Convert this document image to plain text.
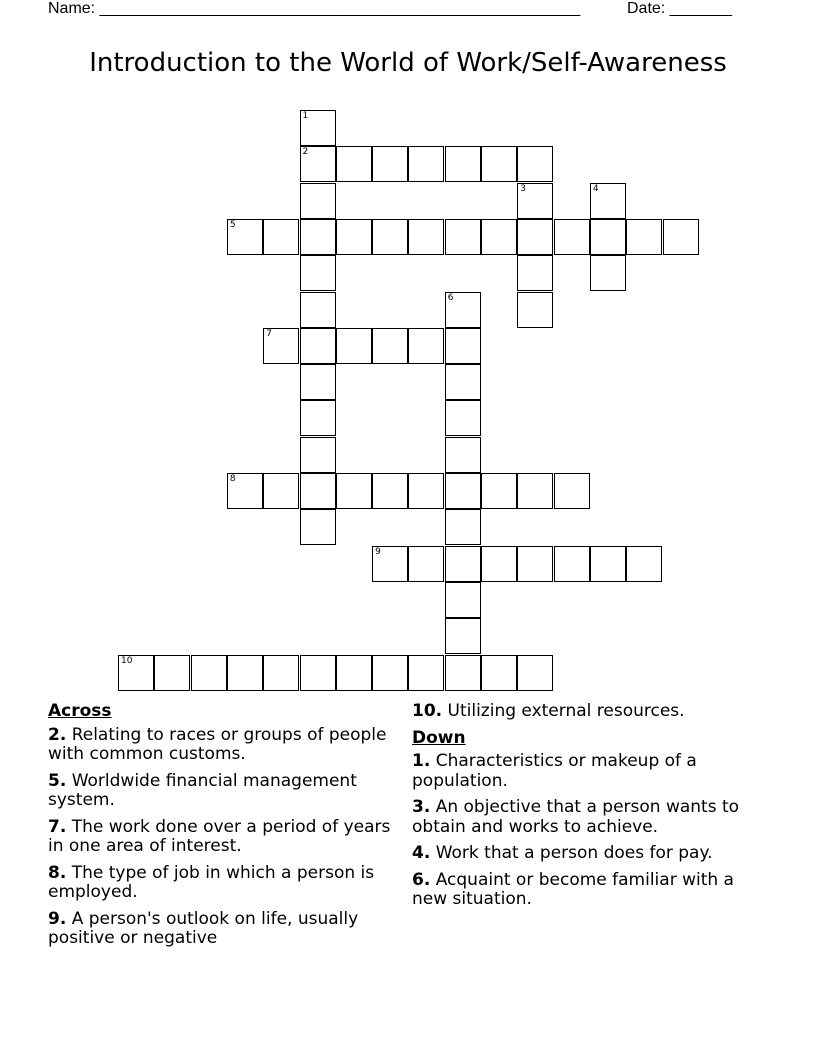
Name: ______________________________________________________	Date: _______
Introduction to the World of Work/Self-Awareness
1
2
3	4
5
6
7
8
9
10
Across
2. Relating to races or groups of people with common customs.
5. Worldwide financial management system.
7. The work done over a period of years in one area of interest.
8. The type of job in which a person is employed.
9. A person's outlook on life, usually positive or negative
10. Utilizing external resources.
Down
1. Characteristics or makeup of a population.
3. An objective that a person wants to obtain and works to achieve.
4. Work that a person does for pay.
6. Acquaint or become familiar with a new situation.
